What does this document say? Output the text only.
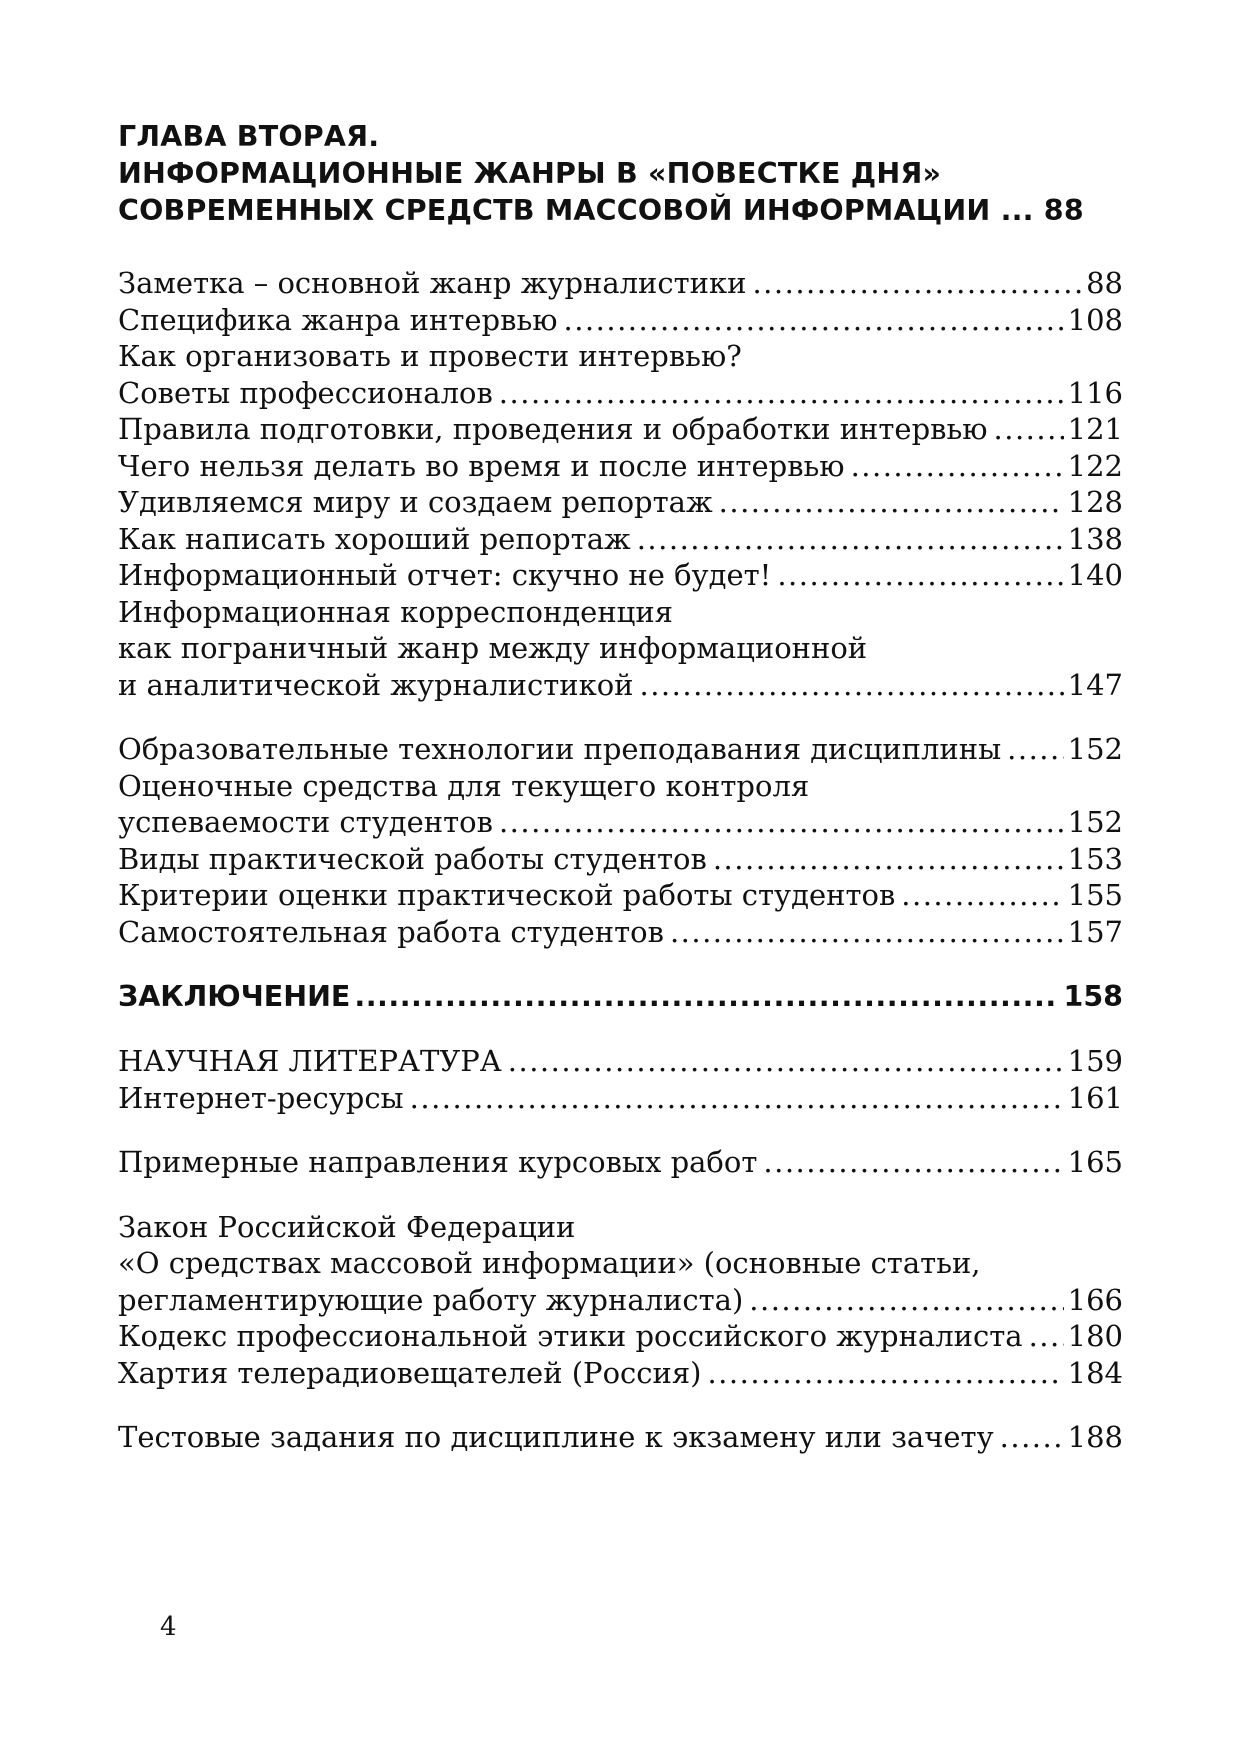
ГЛАВА ВТОРАЯ.
ИНФОРМАЦИОННЫЕ ЖАНРЫ В «ПОВЕСТКЕ ДНЯ»
СОВРЕМЕННЫХ СРЕДСТВ МАССОВОЙ ИНФОРМАЦИИ ... 88
Заметка – основной жанр журналистики .....	88
Специфика жанра интервью .....	108
Как организовать и провести интервью?
Советы профессионалов .....	116
Правила подготовки, проведения и обработки интервью .....	121
Чего нельзя делать во время и после интервью .....	122
Удивляемся миру и создаем репортаж .....	128
Как написать хороший репортаж .....	138
Информационный отчет: скучно не будет! .....	140
Информационная корреспонденция
как пограничный жанр между информационной
и аналитической журналистикой .....	147
Образовательные технологии преподавания дисциплины ..... 152
Оценочные средства для текущего контроля
успеваемости студентов .....	152
Виды практической работы студентов .....	153
Критерии оценки практической работы студентов .....	155
Самостоятельная работа студентов .....	157
ЗАКЛЮЧЕНИЕ .....	158
НАУЧНАЯ ЛИТЕРАТУРА .....	159
Интернет-ресурсы .....	161
Примерные направления курсовых работ .....	165
Закон Российской Федерации
«О средствах массовой информации» (основные статьи,
регламентирующие работу журналиста) .....	166
Кодекс профессиональной этики российского журналиста ..... 180
Хартия телерадиовещателей (Россия) .....	184
Тестовые задания по дисциплине к экзамену или зачету .....	188
4
